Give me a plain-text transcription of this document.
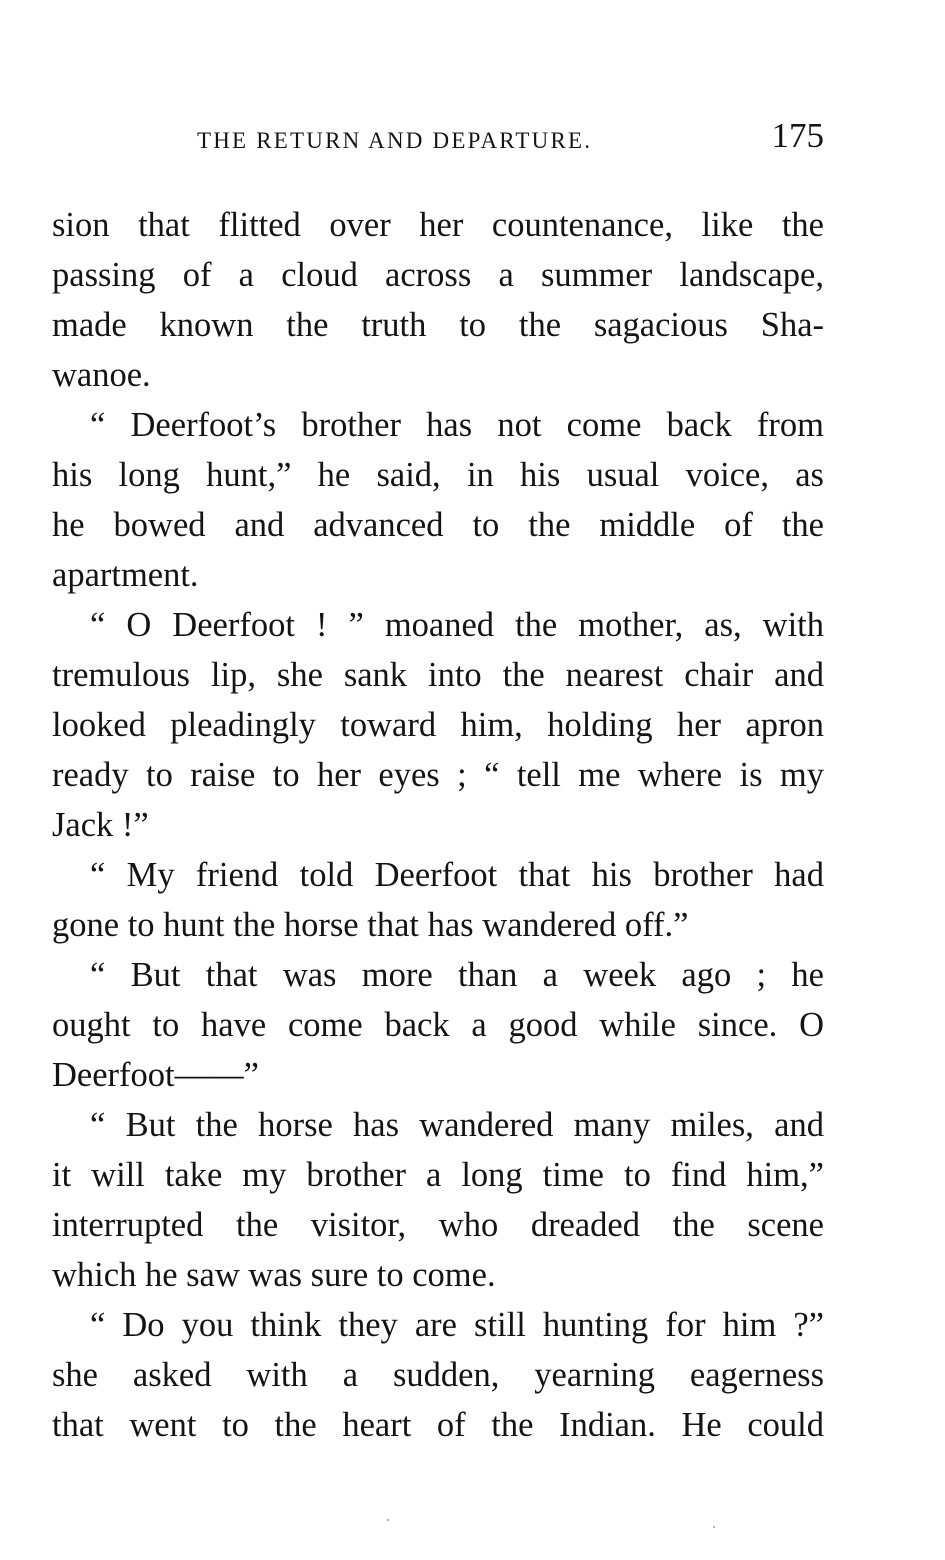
THE RETURN AND DEPARTURE.	175
sion that flitted over her countenance, like the
passing of a cloud across a summer landscape,
made known the truth to the sagacious Sha-
wanoe.
“ Deerfoot’s brother has not come back from
his long hunt,” he said, in his usual voice, as
he bowed and advanced to the middle of the
apartment.
“ O Deerfoot ! ” moaned the mother, as, with
tremulous lip, she sank into the nearest chair and
looked pleadingly toward him, holding her apron
ready to raise to her eyes ; “ tell me where is my
Jack !”
“ My friend told Deerfoot that his brother had
gone to hunt the horse that has wandered off.”
“ But that was more than a week ago ; he
ought to have come back a good while since. O
Deerfoot——”
“ But the horse has wandered many miles, and
it will take my brother a long time to find him,”
interrupted the visitor, who dreaded the scene
which he saw was sure to come.
“ Do you think they are still hunting for him ?”
she asked with a sudden, yearning eagerness
that went to the heart of the Indian. He could
